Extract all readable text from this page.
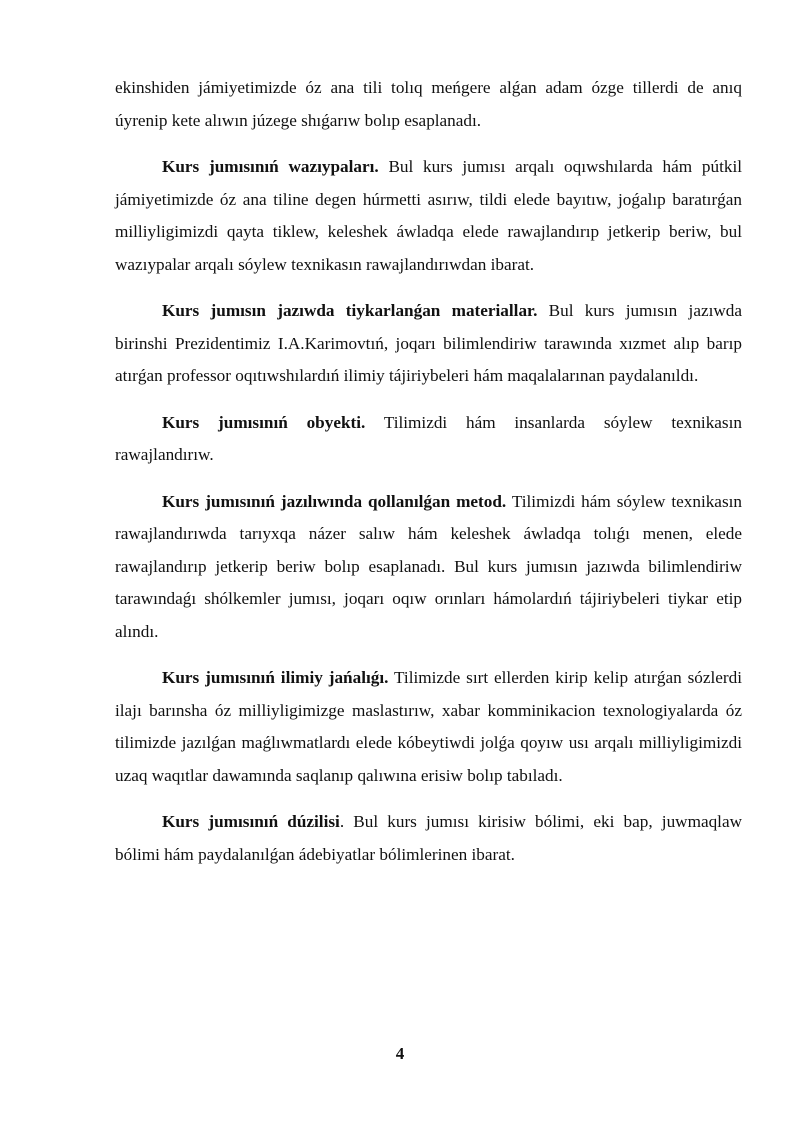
ekinshiden jámiyetimizde óz ana tili tolıq meńgere alǵan adam ózge tillerdi de anıq úyrenip kete alıwın júzege shıǵarıw bolıp esaplanadı.

Kurs jumısınıń wazıypaları. Bul kurs jumısı arqalı oqıwshılarda hám pútkil jámiyetimizde óz ana tiline degen húrmetti asırıw, tildi elede bayıtıw, joǵalıp baratırǵan milliyligimizdi qayta tiklew, keleshek áwladqa elede rawajlandırıp jetkerip beriw, bul wazıypalar arqalı sóylew texnikasın rawajlandırıwdan ibarat.

Kurs jumısın jazıwda tiykarlanǵan materiallar. Bul kurs jumısın jazıwda birinshi Prezidentimiz I.A.Karimovtıń, joqarı bilimlendiriw tarawında xızmet alıp barıp atırǵan professor oqıtıwshılardıń ilimiy tájiriybeleri hám maqalalarınan paydalanıldı.

Kurs jumısınıń obyekti. Tilimizdi hám insanlarda sóylew texnikasın rawajlandırıw.

Kurs jumısınıń jazılıwında qollanılǵan metod. Tilimizdi hám sóylew texnikasın rawajlandırıwda tarıyxqa názer salıw hám keleshek áwladqa tolıǵı menen, elede rawajlandırıp jetkerip beriw bolıp esaplanadı. Bul kurs jumısın jazıwda bilimlendiriw tarawındaǵı shólkemler jumısı, joqarı oqıw orınları hámolardıń tájiriybeleri tiykar etip alındı.

Kurs jumısınıń ilimiy jańalıǵı. Tilimizde sırt ellerden kirip kelip atırǵan sózlerdi ilajı barınsha óz milliyligimizge maslastırıw, xabar komminikacion texnologiyalarda óz tilimizde jazılǵan maǵlıwmatlardı elede kóbeytiwdi jolǵa qoyıw usı arqalı milliyligimizdi uzaq waqıtlar dawamında saqlanıp qalıwına erisiw bolıp tabıladı.

Kurs jumısınıń dúzilisi. Bul kurs jumısı kirisiw bólimi, eki bap, juwmaqlaw bólimi hám paydalanılǵan ádebiyatlar bólimlerinen ibarat.

4
